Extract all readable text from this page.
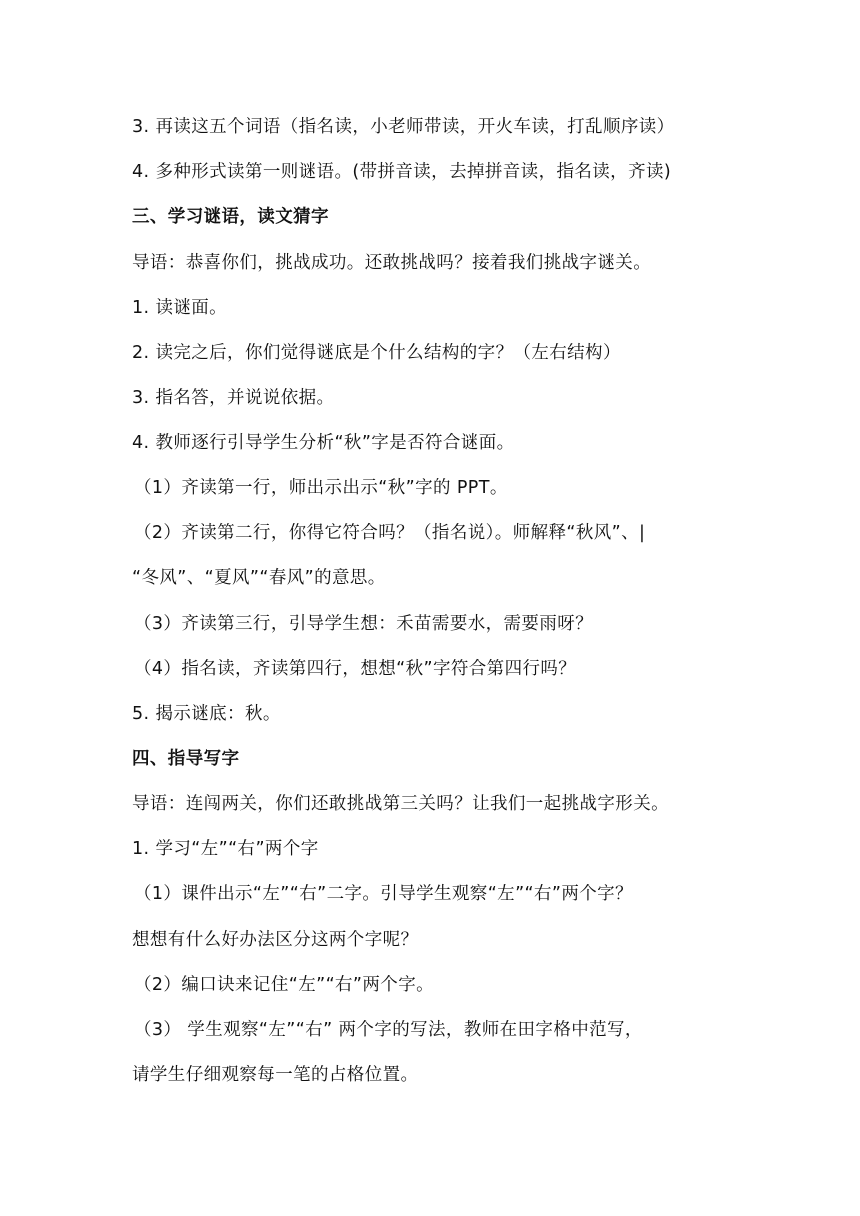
3. 再读这五个词语（指名读，小老师带读，开火车读，打乱顺序读）
4. 多种形式读第一则谜语。(带拼音读，去掉拼音读，指名读，齐读)
三、学习谜语，读文猜字
导语：恭喜你们，挑战成功。还敢挑战吗？接着我们挑战字谜关。
1. 读谜面。
2. 读完之后，你们觉得谜底是个什么结构的字？（左右结构）
3. 指名答，并说说依据。
4. 教师逐行引导学生分析“秋”字是否符合谜面。
（1）齐读第一行，师出示出示“秋”字的 PPT。
（2）齐读第二行，你得它符合吗？（指名说）。师解释“秋风”、|
“冬风”、“夏风”“春风”的意思。
（3）齐读第三行，引导学生想：禾苗需要水，需要雨呀？
（4）指名读，齐读第四行，想想“秋”字符合第四行吗？
5. 揭示谜底：秋。
四、指导写字
导语：连闯两关，你们还敢挑战第三关吗？让我们一起挑战字形关。
1. 学习“左”“右”两个字
（1）课件出示“左”“右”二字。引导学生观察“左”“右”两个字？
想想有什么好办法区分这两个字呢？
（2）编口诀来记住“左”“右”两个字。
（3） 学生观察“左”“右” 两个字的写法，教师在田字格中范写，
请学生仔细观察每一笔的占格位置。
